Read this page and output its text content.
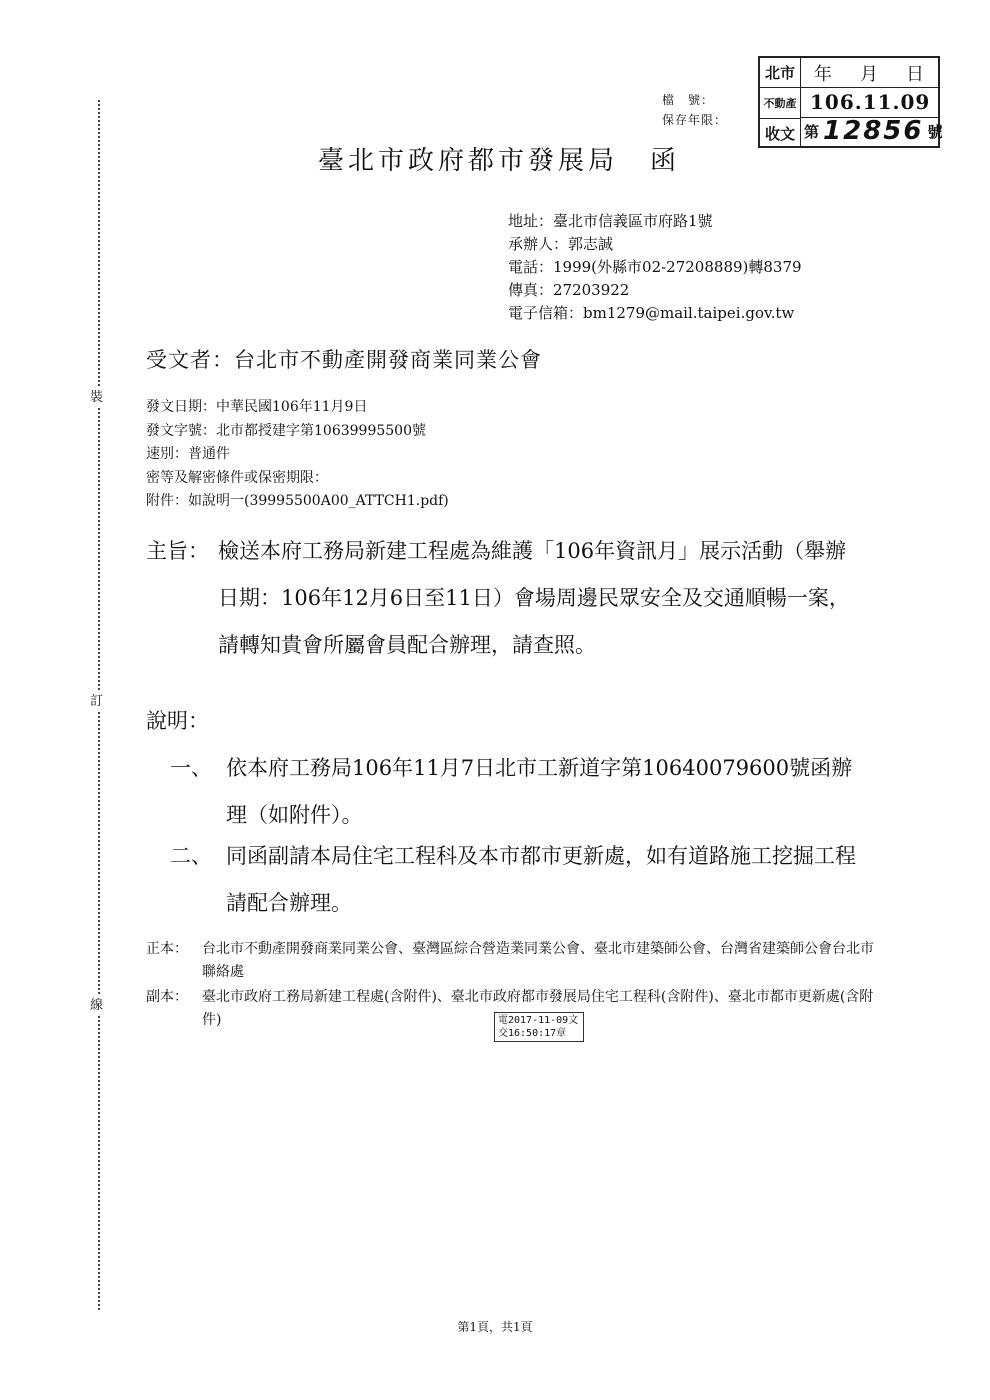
裝
訂
線
檔　號：
保存年限：
北市
不動產
收文
年 月 日
106.11.09
第 12856 號
臺北市政府都市發展局 函
地址：臺北市信義區市府路1號
承辦人：郭志誠
電話：1999(外縣市02-27208889)轉8379
傳真：27203922
電子信箱：bm1279@mail.taipei.gov.tw
受文者：台北市不動產開發商業同業公會
發文日期：中華民國106年11月9日
發文字號：北市都授建字第10639995500號
速別：普通件
密等及解密條件或保密期限：
附件：如說明一(39995500A00_ATTCH1.pdf)
主旨： 檢送本府工務局新建工程處為維護「106年資訊月」展示活動（舉辦日期：106年12月6日至11日）會場周邊民眾安全及交通順暢一案，請轉知貴會所屬會員配合辦理，請查照。
說明：
一、 依本府工務局106年11月7日北市工新道字第10640079600號函辦理（如附件）。
二、 同函副請本局住宅工程科及本市都市更新處，如有道路施工挖掘工程請配合辦理。
正本： 台北市不動產開發商業同業公會、臺灣區綜合營造業同業公會、臺北市建築師公會、台灣省建築師公會台北市聯絡處
副本： 臺北市政府工務局新建工程處(含附件)、臺北市政府都市發展局住宅工程科(含附件)、臺北市都市更新處(含附件)	電2017-11-09文
交16:50:17章
第1頁，共1頁
